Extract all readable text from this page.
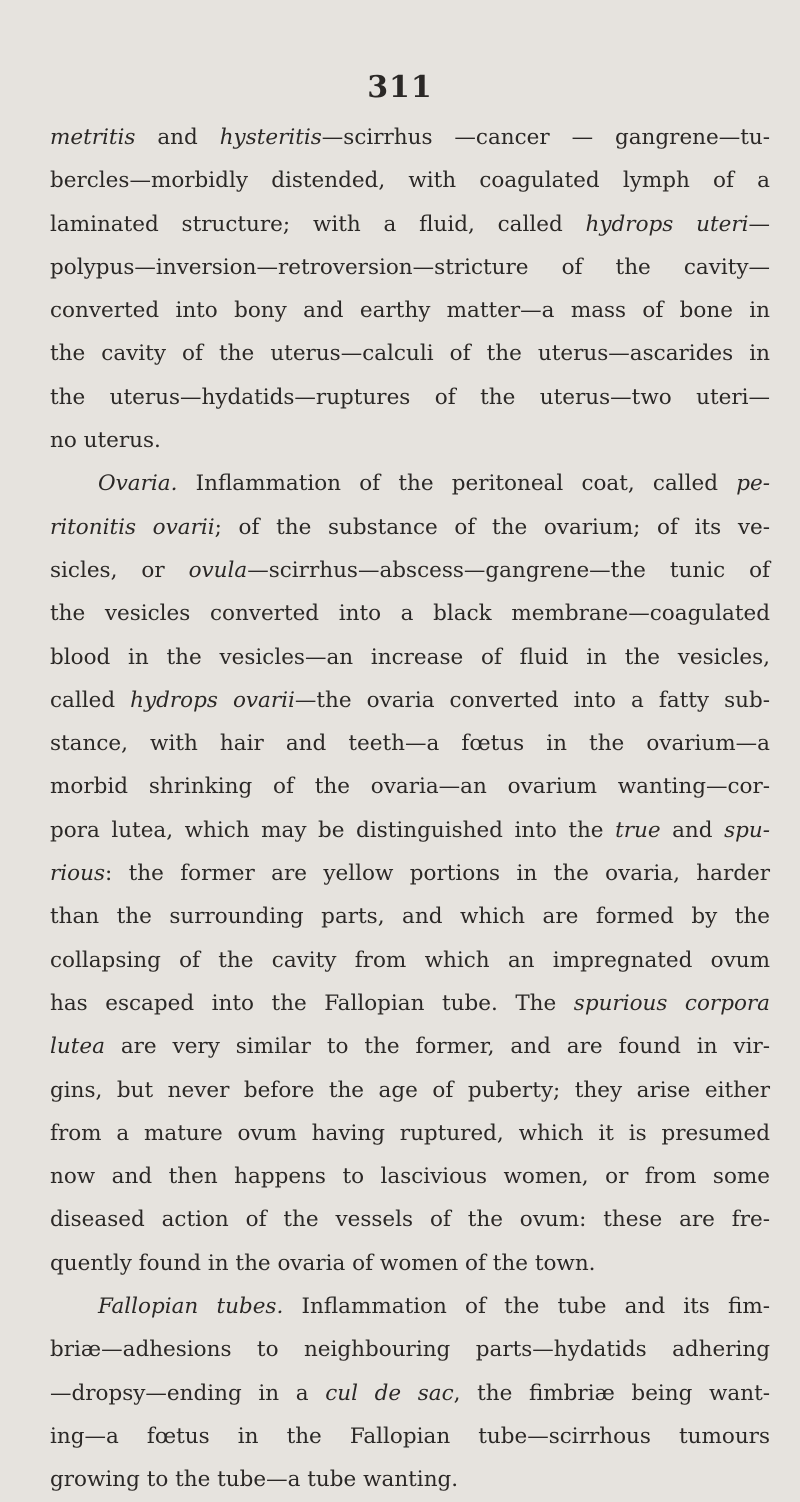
311
metritis and hysteritis—scirrhus —cancer — gangrene—tu-
bercles—morbidly distended, with coagulated lymph of a
laminated structure; with a fluid, called hydrops uteri—
polypus—inversion—retroversion—stricture of the cavity—
converted into bony and earthy matter—a mass of bone in
the cavity of the uterus—calculi of the uterus—ascarides in
the uterus—hydatids—ruptures of the uterus—two uteri—
no uterus.
Ovaria. Inflammation of the peritoneal coat, called pe-
ritonitis ovarii; of the substance of the ovarium; of its ve-
sicles, or ovula—scirrhus—abscess—gangrene—the tunic of
the vesicles converted into a black membrane—coagulated
blood in the vesicles—an increase of fluid in the vesicles,
called hydrops ovarii—the ovaria converted into a fatty sub-
stance, with hair and teeth—a fœtus in the ovarium—a
morbid shrinking of the ovaria—an ovarium wanting—cor-
pora lutea, which may be distinguished into the true and spu-
rious: the former are yellow portions in the ovaria, harder
than the surrounding parts, and which are formed by the
collapsing of the cavity from which an impregnated ovum
has escaped into the Fallopian tube. The spurious corpora
lutea are very similar to the former, and are found in vir-
gins, but never before the age of puberty; they arise either
from a mature ovum having ruptured, which it is presumed
now and then happens to lascivious women, or from some
diseased action of the vessels of the ovum: these are fre-
quently found in the ovaria of women of the town.
Fallopian tubes. Inflammation of the tube and its fim-
briæ—adhesions to neighbouring parts—hydatids adhering
—dropsy—ending in a cul de sac, the fimbriæ being want-
ing—a fœtus in the Fallopian tube—scirrhous tumours
growing to the tube—a tube wanting.
